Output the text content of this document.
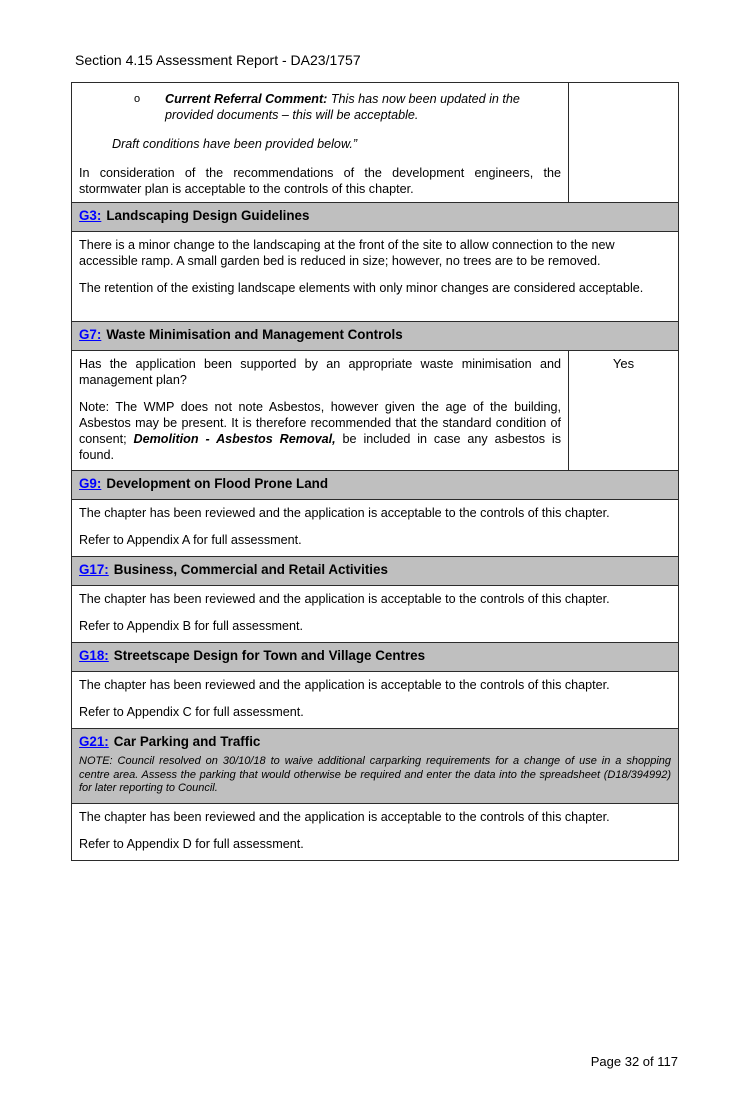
Section 4.15 Assessment Report - DA23/1757
o Current Referral Comment: This has now been updated in the provided documents – this will be acceptable.

Draft conditions have been provided below.”

In consideration of the recommendations of the development engineers, the stormwater plan is acceptable to the controls of this chapter.	

G3: Landscaping Design Guidelines	

There is a minor change to the landscaping at the front of the site to allow connection to the new accessible ramp. A small garden bed is reduced in size; however, no trees are to be removed.

The retention of the existing landscape elements with only minor changes are considered acceptable.	

G7: Waste Minimisation and Management Controls	

Has the application been supported by an appropriate waste minimisation and management plan?

Note: The WMP does not note Asbestos, however given the age of the building, Asbestos may be present. It is therefore recommended that the standard condition of consent; Demolition - Asbestos Removal, be included in case any asbestos is found.	Yes
G9: Development on Flood Prone Land	

The chapter has been reviewed and the application is acceptable to the controls of this chapter.

Refer to Appendix A for full assessment.	

G17: Business, Commercial and Retail Activities	

The chapter has been reviewed and the application is acceptable to the controls of this chapter.

Refer to Appendix B for full assessment.	

G18: Streetscape Design for Town and Village Centres	

The chapter has been reviewed and the application is acceptable to the controls of this chapter.

Refer to Appendix C for full assessment.	

G21: Car Parking and Traffic
NOTE: Council resolved on 30/10/18 to waive additional carparking requirements for a change of use in a shopping centre area. Assess the parking that would otherwise be required and enter the data into the spreadsheet (D18/394992) for later reporting to Council.	

The chapter has been reviewed and the application is acceptable to the controls of this chapter.

Refer to Appendix D for full assessment.	

Page 32 of 117
